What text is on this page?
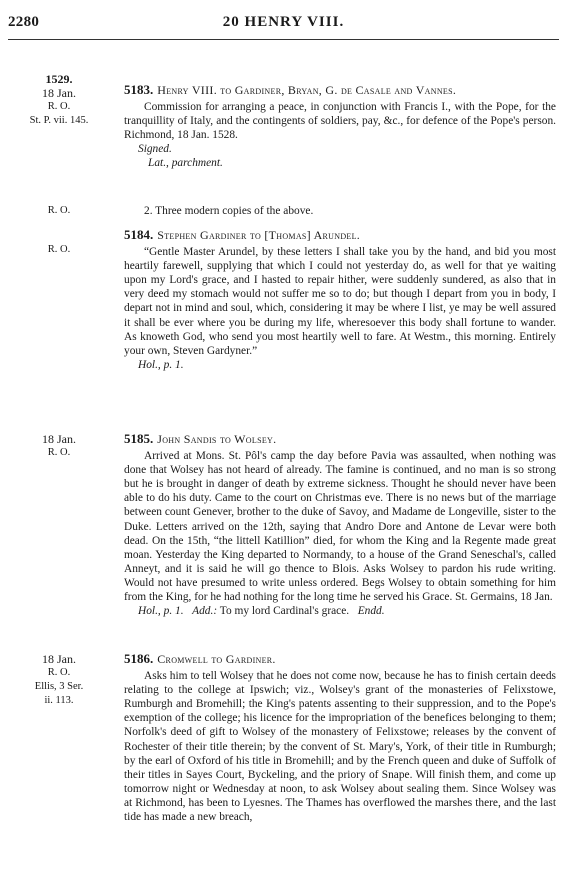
2280	20 HENRY VIII.
1529.
18 Jan.
R. O.
St. P. vii. 145.
5183. Henry VIII. to Gardiner, Bryan, G. de Casale and Vannes.
Commission for arranging a peace, in conjunction with Francis I., with the Pope, for the tranquillity of Italy, and the contingents of soldiers, pay, &c., for defence of the Pope's person. Richmond, 18 Jan. 1528.
Signed.
Lat., parchment.
R. O.	2. Three modern copies of the above.
R. O.
5184. Stephen Gardiner to [Thomas] Arundel.
“Gentle Master Arundel, by these letters I shall take you by the hand, and bid you most heartily farewell, supplying that which I could not yesterday do, as well for that ye waiting upon my Lord's grace, and I hasted to repair hither, were suddenly sundered, as also that in very deed my stomach would not suffer me so to do; but though I depart from you in body, I depart not in mind and soul, which, considering it may be where I list, ye may be well assured it shall be ever where you be during my life, wheresoever this body shall fortune to wander. As knoweth God, who send you most heartily well to fare. At Westm., this morning. Entirely your own, Steven Gardyner.”
Hol., p. 1.
18 Jan.
R. O.
5185. John Sandis to Wolsey.
Arrived at Mons. St. Pôl's camp the day before Pavia was assaulted, when nothing was done that Wolsey has not heard of already. The famine is continued, and no man is so strong but he is brought in danger of death by extreme sickness. Thought he should never have been able to do his duty. Came to the court on Christmas eve. There is no news but of the marriage between count Genever, brother to the duke of Savoy, and Madame de Longeville, sister to the Duke. Letters arrived on the 12th, saying that Andro Dore and Antone de Levar were both dead. On the 15th, “the littell Katillion” died, for whom the King and la Regente made great moan. Yesterday the King departed to Normandy, to a house of the Grand Seneschal's, called Anneyt, and it is said he will go thence to Blois. Asks Wolsey to pardon his rude writing. Would not have presumed to write unless ordered. Begs Wolsey to obtain something for him from the King, for he had nothing for the long time he served his Grace. St. Germains, 18 Jan.
Hol., p. 1. Add.: To my lord Cardinal's grace. Endd.
18 Jan.
R. O.
Ellis, 3 Ser.
ii. 113.
5186. Cromwell to Gardiner.
Asks him to tell Wolsey that he does not come now, because he has to finish certain deeds relating to the college at Ipswich; viz., Wolsey's grant of the monasteries of Felixstowe, Rumburgh and Bromehill; the King's patents assenting to their suppression, and to the Pope's exemption of the college; his licence for the impropriation of the benefices belonging to them; Norfolk's deed of gift to Wolsey of the monastery of Felixstowe; releases by the convent of Rochester of their title therein; by the convent of St. Mary's, York, of their title in Rumburgh; by the earl of Oxford of his title in Bromehill; and by the French queen and duke of Suffolk of their titles in Sayes Court, Byckeling, and the priory of Snape. Will finish them, and come up tomorrow night or Wednesday at noon, to ask Wolsey about sealing them. Since Wolsey was at Richmond, has been to Lyesnes. The Thames has overflowed the marshes there, and the last tide has made a new breach,
